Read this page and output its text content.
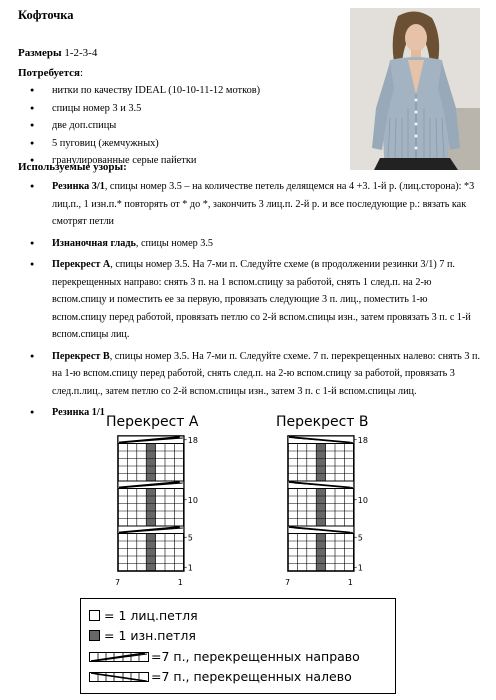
Кофточка
Размеры 1-2-3-4
Потребуется:
● нитки по качеству IDEAL (10-10-11-12 мотков)
● спицы номер 3 и 3.5
● две доп.спицы
● 5 пуговиц (жемчужных)
● гранулированные серые пайетки
Используемые узоры:
● Резинка 3/1, спицы номер 3.5 – на количестве петель делящемся на 4 +3. 1-й р. (лиц.сторона): *3 лиц.п., 1 изн.п.* повторять от * до *, закончить 3 лиц.п. 2-й р. и все последующие р.: вязать как смотрят петли
● Изнаночная гладь, спицы номер 3.5
● Перекрест А, спицы номер 3.5. На 7-ми п. Следуйте схеме (в продолжении резинки 3/1) 7 п. перекрещенных направо: снять 3 п. на 1 вспом.спицу за работой, снять 1 след.п. на 2-ю вспом.спицу и поместить ее за первую, провязать следующие 3 п. лиц., поместить 1-ю вспом.спицу перед работой, провязать петлю со 2-й вспом.спицы изн., затем провязать 3 п. с 1-й вспом.спицы лиц.
● Перекрест В, спицы номер 3.5. На 7-ми п. Следуйте схеме. 7 п. перекрещенных налево: снять 3 п. на 1-ю вспом.спицу перед работой, снять след.п. на 2-ю вспом.спицу за работой, провязать 3 след.п.лиц., затем петлю со 2-й вспом.спицы изн., затем 3 п. с 1-й вспом.спицы лиц.
● Резинка 1/1
Перекрест А
18
10
5
1
7	1
Перекрест В
18
10
5
1
7	1
= 1 лиц.петля
= 1 изн.петля
=7 п., перекрещенных направо
=7 п., перекрещенных налево
